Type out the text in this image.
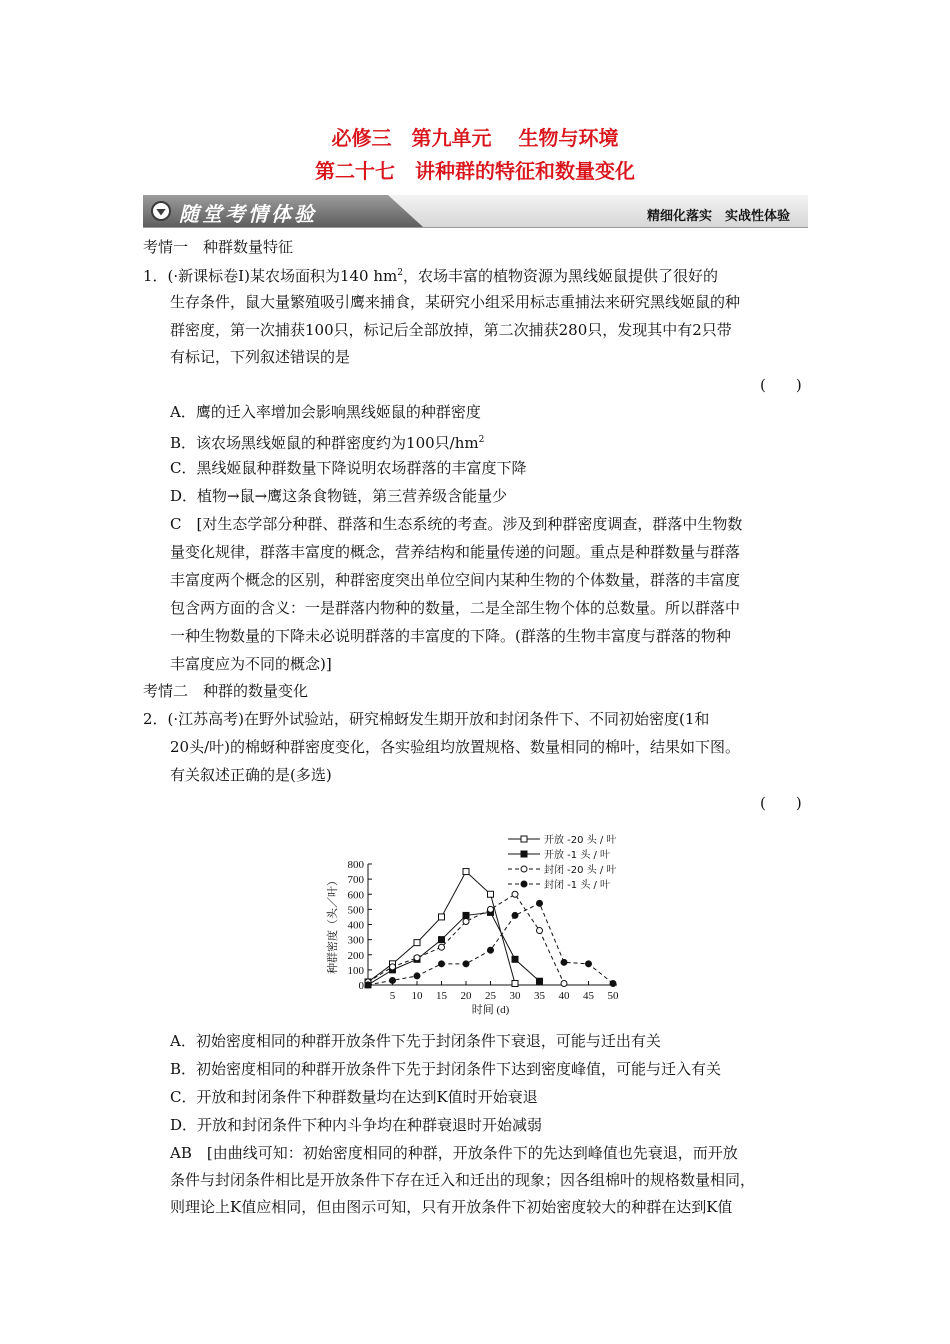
必修三　第九单元　 生物与环境
第二十七　讲种群的特征和数量变化
随堂考情体验	精细化落实　实战性体验
考情一　种群数量特征
1．(·新课标卷Ⅰ)某农场面积为140 $hm^2$，农场丰富的植物资源为黑线姬鼠提供了很好的
生存条件，鼠大量繁殖吸引鹰来捕食，某研究小组采用标志重捕法来研究黑线姬鼠的种
群密度，第一次捕获100只，标记后全部放掉，第二次捕获280只，发现其中有2只带
有标记，下列叙述错误的是
(　　)
A．鹰的迁入率增加会影响黑线姬鼠的种群密度
B．该农场黑线姬鼠的种群密度约为100只$/hm^2$
C．黑线姬鼠种群数量下降说明农场群落的丰富度下降
D．植物→鼠→鹰这条食物链，第三营养级含能量少
C　[对生态学部分种群、群落和生态系统的考查。涉及到种群密度调查，群落中生物数
量变化规律，群落丰富度的概念，营养结构和能量传递的问题。重点是种群数量与群落
丰富度两个概念的区别，种群密度突出单位空间内某种生物的个体数量，群落的丰富度
包含两方面的含义：一是群落内物种的数量，二是全部生物个体的总数量。所以群落中
一种生物数量的下降未必说明群落的丰富度的下降。(群落的生物丰富度与群落的物种
丰富度应为不同的概念)]
考情二　种群的数量变化
2．(·江苏高考)在野外试验站，研究棉蚜发生期开放和封闭条件下、不同初始密度(1和
20头/叶)的棉蚜种群密度变化，各实验组均放置规格、数量相同的棉叶，结果如下图。
有关叙述正确的是(多选)
(　　)
0
100
200
300
400
500
600
700
800
5 10 15 20 25 30 35 40 45 50
时间 (d)
种群密度（头／叶）
开放 -20 头 / 叶
开放 -1 头 / 叶
封闭 -20 头 / 叶
封闭 -1 头 / 叶
A．初始密度相同的种群开放条件下先于封闭条件下衰退，可能与迁出有关
B．初始密度相同的种群开放条件下先于封闭条件下达到密度峰值，可能与迁入有关
C．开放和封闭条件下种群数量均在达到K值时开始衰退
D．开放和封闭条件下种内斗争均在种群衰退时开始减弱
AB　[由曲线可知：初始密度相同的种群，开放条件下的先达到峰值也先衰退，而开放
条件与封闭条件相比是开放条件下存在迁入和迁出的现象；因各组棉叶的规格数量相同，
则理论上K值应相同，但由图示可知，只有开放条件下初始密度较大的种群在达到K值
